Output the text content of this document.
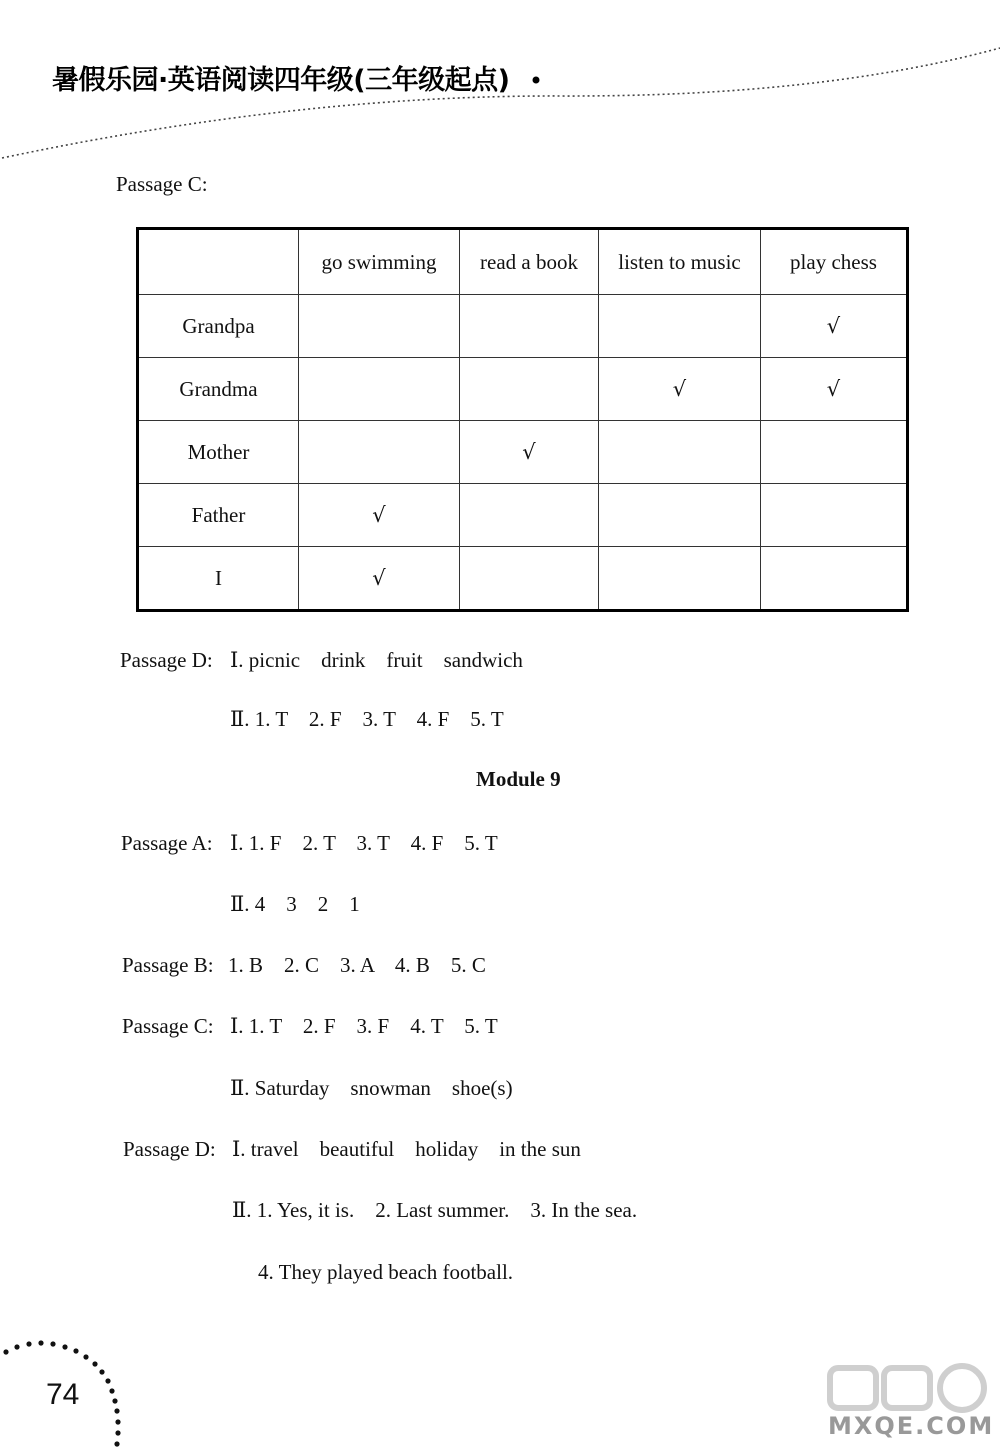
暑假乐园·英语阅读四年级(三年级起点)
Passage C:
	go swimming	read a book	listen to music	play chess
Grandpa				√
Grandma			√	√
Mother		√		
Father	√			
I	√			
Passage D: Ⅰ. picnic    drink    fruit    sandwich
Ⅱ. 1. T    2. F    3. T    4. F    5. T
Module 9
Passage A: Ⅰ. 1. F    2. T    3. T    4. F    5. T
Ⅱ. 4    3    2    1
Passage B: 1. B    2. C    3. A    4. B    5. C
Passage C: Ⅰ. 1. T    2. F    3. F    4. T    5. T
Ⅱ. Saturday    snowman    shoe(s)
Passage D: Ⅰ. travel    beautiful    holiday    in the sun
Ⅱ. 1. Yes, it is.    2. Last summer.    3. In the sea.
4. They played beach football.
74
MXQE.COM
